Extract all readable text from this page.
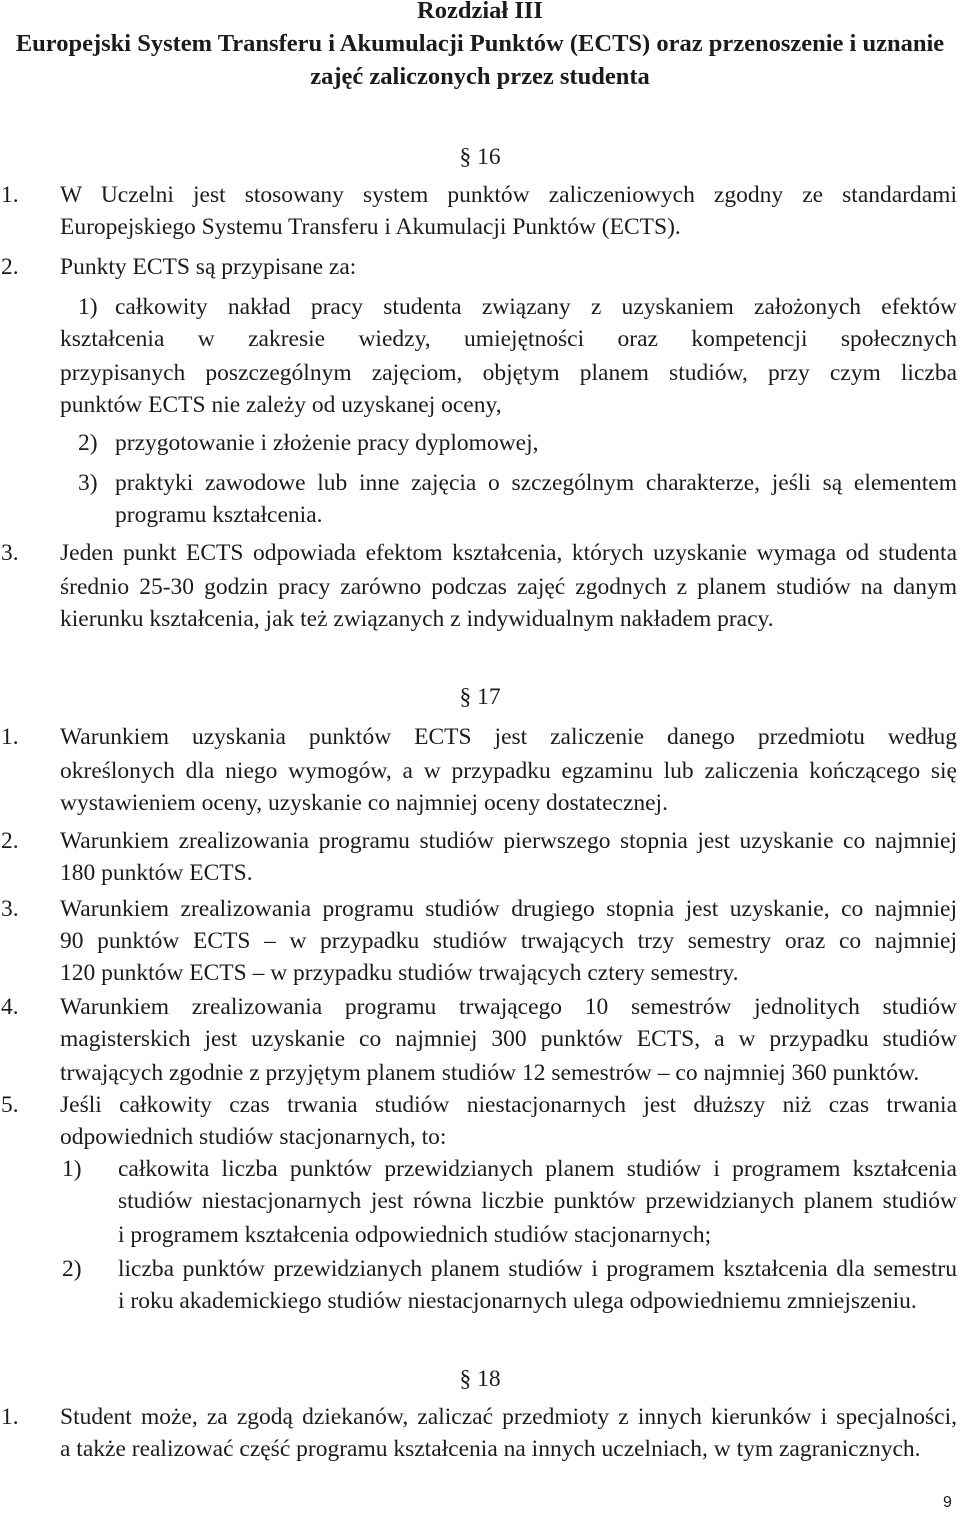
Rozdział III

Europejski System Transferu i Akumulacji Punktów (ECTS) oraz przenoszenie i uznanie

zajęć zaliczonych przez studenta

§ 16

1. W Uczelni jest stosowany system punktów zaliczeniowych zgodny ze standardami

Europejskiego Systemu Transferu i Akumulacji Punktów (ECTS).

2. Punkty ECTS są przypisane za:

1) całkowity nakład pracy studenta związany z uzyskaniem założonych efektów

kształcenia w zakresie wiedzy, umiejętności oraz kompetencji społecznych

przypisanych poszczególnym zajęciom, objętym planem studiów, przy czym liczba

punktów ECTS nie zależy od uzyskanej oceny,

2) przygotowanie i złożenie pracy dyplomowej,

3) praktyki zawodowe lub inne zajęcia o szczególnym charakterze, jeśli są elementem

programu kształcenia.

3. Jeden punkt ECTS odpowiada efektom kształcenia, których uzyskanie wymaga od studenta

średnio 25-30 godzin pracy zarówno podczas zajęć zgodnych z planem studiów na danym

kierunku kształcenia, jak też związanych z indywidualnym nakładem pracy.

§ 17

1. Warunkiem uzyskania punktów ECTS jest zaliczenie danego przedmiotu według

określonych dla niego wymogów, a w przypadku egzaminu lub zaliczenia kończącego się

wystawieniem oceny, uzyskanie co najmniej oceny dostatecznej.

2. Warunkiem zrealizowania programu studiów pierwszego stopnia jest uzyskanie co najmniej

180 punktów ECTS.

3. Warunkiem zrealizowania programu studiów drugiego stopnia jest uzyskanie, co najmniej

90 punktów ECTS – w przypadku studiów trwających trzy semestry oraz co najmniej

120 punktów ECTS – w przypadku studiów trwających cztery semestry.

4. Warunkiem zrealizowania programu trwającego 10 semestrów jednolitych studiów

magisterskich jest uzyskanie co najmniej 300 punktów ECTS, a w przypadku studiów

trwających zgodnie z przyjętym planem studiów 12 semestrów – co najmniej 360 punktów.

5. Jeśli całkowity czas trwania studiów niestacjonarnych jest dłuższy niż czas trwania

odpowiednich studiów stacjonarnych, to:

1) całkowita liczba punktów przewidzianych planem studiów i programem kształcenia

studiów niestacjonarnych jest równa liczbie punktów przewidzianych planem studiów

i programem kształcenia odpowiednich studiów stacjonarnych;

2) liczba punktów przewidzianych planem studiów i programem kształcenia dla semestru

i roku akademickiego studiów niestacjonarnych ulega odpowiedniemu zmniejszeniu.

§ 18

1. Student może, za zgodą dziekanów, zaliczać przedmioty z innych kierunków i specjalności,

a także realizować część programu kształcenia na innych uczelniach, w tym zagranicznych.

9
